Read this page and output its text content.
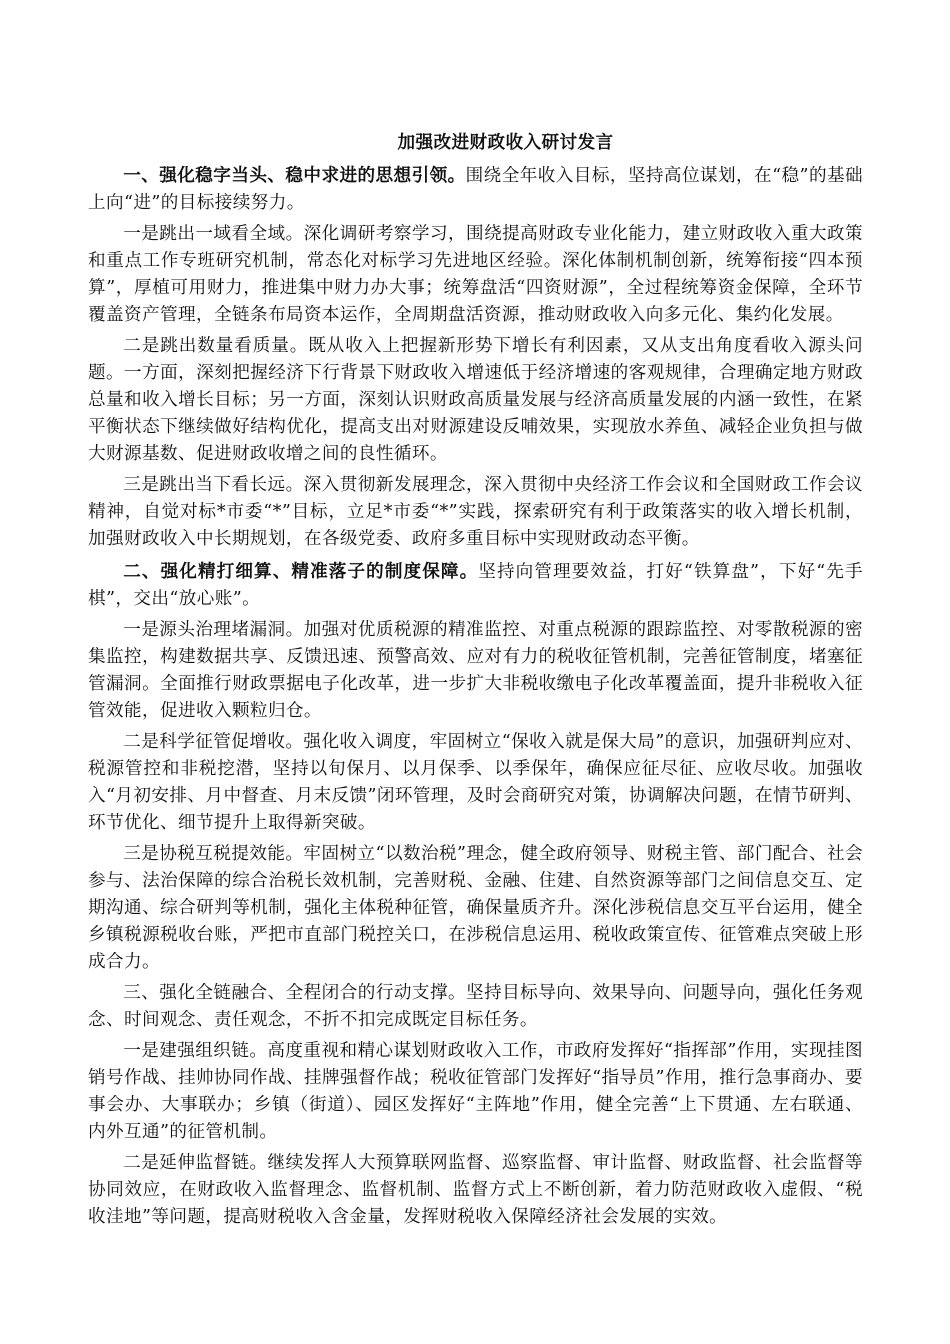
加强改进财政收入研讨发言

一、强化稳字当头、稳中求进的思想引领。围绕全年收入目标，坚持高位谋划，在“稳”的基础上向“进”的目标接续努力。

一是跳出一域看全域。深化调研考察学习，围绕提高财政专业化能力，建立财政收入重大政策和重点工作专班研究机制，常态化对标学习先进地区经验。深化体制机制创新，统筹衔接“四本预算”，厚植可用财力，推进集中财力办大事；统筹盘活“四资财源”，全过程统筹资金保障，全环节覆盖资产管理，全链条布局资本运作，全周期盘活资源，推动财政收入向多元化、集约化发展。

二是跳出数量看质量。既从收入上把握新形势下增长有利因素，又从支出角度看收入源头问题。一方面，深刻把握经济下行背景下财政收入增速低于经济增速的客观规律，合理确定地方财政总量和收入增长目标；另一方面，深刻认识财政高质量发展与经济高质量发展的内涵一致性，在紧平衡状态下继续做好结构优化，提高支出对财源建设反哺效果，实现放水养鱼、减轻企业负担与做大财源基数、促进财政收增之间的良性循环。

三是跳出当下看长远。深入贯彻新发展理念，深入贯彻中央经济工作会议和全国财政工作会议精神，自觉对标*市委“*”目标，立足*市委“*”实践，探索研究有利于政策落实的收入增长机制，加强财政收入中长期规划，在各级党委、政府多重目标中实现财政动态平衡。

二、强化精打细算、精准落子的制度保障。坚持向管理要效益，打好“铁算盘”，下好“先手棋”，交出“放心账”。

一是源头治理堵漏洞。加强对优质税源的精准监控、对重点税源的跟踪监控、对零散税源的密集监控，构建数据共享、反馈迅速、预警高效、应对有力的税收征管机制，完善征管制度，堵塞征管漏洞。全面推行财政票据电子化改革，进一步扩大非税收缴电子化改革覆盖面，提升非税收入征管效能，促进收入颗粒归仓。

二是科学征管促增收。强化收入调度，牢固树立“保收入就是保大局”的意识，加强研判应对、税源管控和非税挖潜，坚持以旬保月、以月保季、以季保年，确保应征尽征、应收尽收。加强收入“月初安排、月中督查、月末反馈”闭环管理，及时会商研究对策，协调解决问题，在情节研判、环节优化、细节提升上取得新突破。

三是协税互税提效能。牢固树立“以数治税”理念，健全政府领导、财税主管、部门配合、社会参与、法治保障的综合治税长效机制，完善财税、金融、住建、自然资源等部门之间信息交互、定期沟通、综合研判等机制，强化主体税种征管，确保量质齐升。深化涉税信息交互平台运用，健全乡镇税源税收台账，严把市直部门税控关口，在涉税信息运用、税收政策宣传、征管难点突破上形成合力。

三、强化全链融合、全程闭合的行动支撑。坚持目标导向、效果导向、问题导向，强化任务观念、时间观念、责任观念，不折不扣完成既定目标任务。

一是建强组织链。高度重视和精心谋划财政收入工作，市政府发挥好“指挥部”作用，实现挂图销号作战、挂帅协同作战、挂牌强督作战；税收征管部门发挥好“指导员”作用，推行急事商办、要事会办、大事联办；乡镇（街道）、园区发挥好“主阵地”作用，健全完善“上下贯通、左右联通、内外互通”的征管机制。

二是延伸监督链。继续发挥人大预算联网监督、巡察监督、审计监督、财政监督、社会监督等协同效应，在财政收入监督理念、监督机制、监督方式上不断创新，着力防范财政收入虚假、“税收洼地”等问题，提高财税收入含金量，发挥财税收入保障经济社会发展的实效。
